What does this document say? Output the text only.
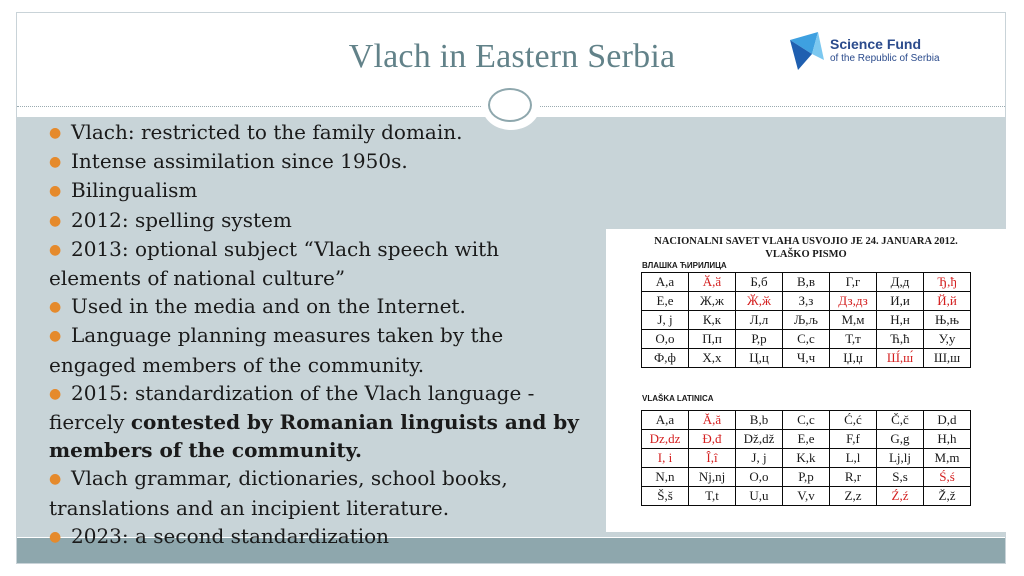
Vlach in Eastern Serbia	Science Fund
of the Republic of Serbia

● Vlach: restricted to the family domain.

● Intense assimilation since 1950s.

● Bilingualism

● 2012: spelling system

● 2013: optional subject “Vlach speech with elements of national culture”

● Used in the media and on the Internet.

● Language planning measures taken by the engaged members of the community.

● 2015: standardization of the Vlach language - fiercely contested by Romanian linguists and by members of the community.

● Vlach grammar, dictionaries, school books, translations and an incipient literature.

● 2023: a second standardization

NACIONALNI SAVET VLAHA USVOJIO JE 24. JANUARA 2012.
VLAŠKO PISMO
ВЛАШКА ЋИРИЛИЦА
А,а	Ӑ,ӑ	Б,б	В,в	Г,г	Д,д	Ђ,ђ
Е,е	Ж,ж	Ӂ,ӂ	З,з	Дз,дз	И,и	Й,й
Ј, ј	К,к	Л,л	Љ,љ	М,м	Н,н	Њ,њ
О,о	П,п	Р,р	С,с	Т,т	Ћ,ћ	У,у
Ф,ф	Х,х	Ц,ц	Ч,ч	Џ,џ	Ш́,ш́	Ш,ш
VLAŠKA LATINICA
A,a	Ă,ă	B,b	C,c	Ć,ć	Č,č	D,d
Dz,dz	Đ,đ	Dž,dž	E,e	F,f	G,g	H,h
I, i	Î,î	J, j	K,k	L,l	Lj,lj	M,m
N,n	Nj,nj	O,o	P,p	R,r	S,s	Ś,ś
Š,š	T,t	U,u	V,v	Z,z	Ź,ź	Ž,ž
